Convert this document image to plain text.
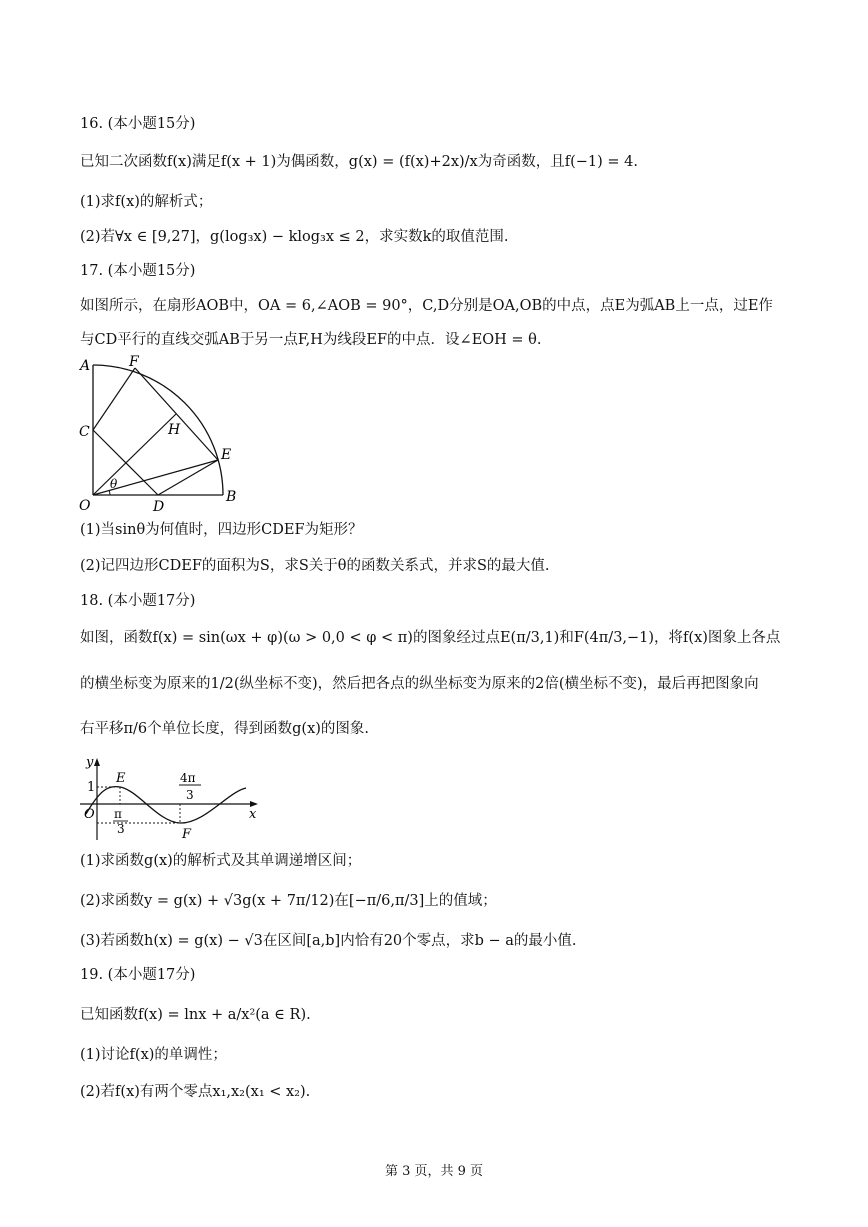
16. (本小题15分)
已知二次函数f(x)满足f(x + 1)为偶函数，g(x) = (f(x)+2x)/x为奇函数，且f(−1) = 4.
(1)求f(x)的解析式；
(2)若∀x ∈ [9,27]，g(log₃x) − klog₃x ≤ 2，求实数k的取值范围.
17. (本小题15分)
如图所示，在扇形AOB中，OA = 6,∠AOB = 90°，C,D分别是OA,OB的中点，点E为弧AB上一点，过E作
与CD平行的直线交弧AB于另一点F,H为线段EF的中点．设∠EOH = θ.
A	F
C	H
E
θ
O	D
B
(1)当sinθ为何值时，四边形CDEF为矩形？
(2)记四边形CDEF的面积为S，求S关于θ的函数关系式，并求S的最大值.
18. (本小题17分)
如图，函数f(x) = sin(ωx + φ)(ω > 0,0 < φ < π)的图象经过点E(π/3,1)和F(4π/3,−1)，将f(x)图象上各点
的横坐标变为原来的1/2(纵坐标不变)，然后把各点的纵坐标变为原来的2倍(横坐标不变)，最后再把图象向
右平移π/6个单位长度，得到函数g(x)的图象.
y
1
E
O π
3
4π
3
F
x
(1)求函数g(x)的解析式及其单调递增区间；
(2)求函数y = g(x) + √3g(x + 7π/12)在[−π/6,π/3]上的值域；
(3)若函数h(x) = g(x) − √3在区间[a,b]内恰有20个零点，求b − a的最小值.
19. (本小题17分)
已知函数f(x) = lnx + a/x²(a ∈ R).
(1)讨论f(x)的单调性；
(2)若f(x)有两个零点x₁,x₂(x₁ < x₂).
第 3 页，共 9 页
